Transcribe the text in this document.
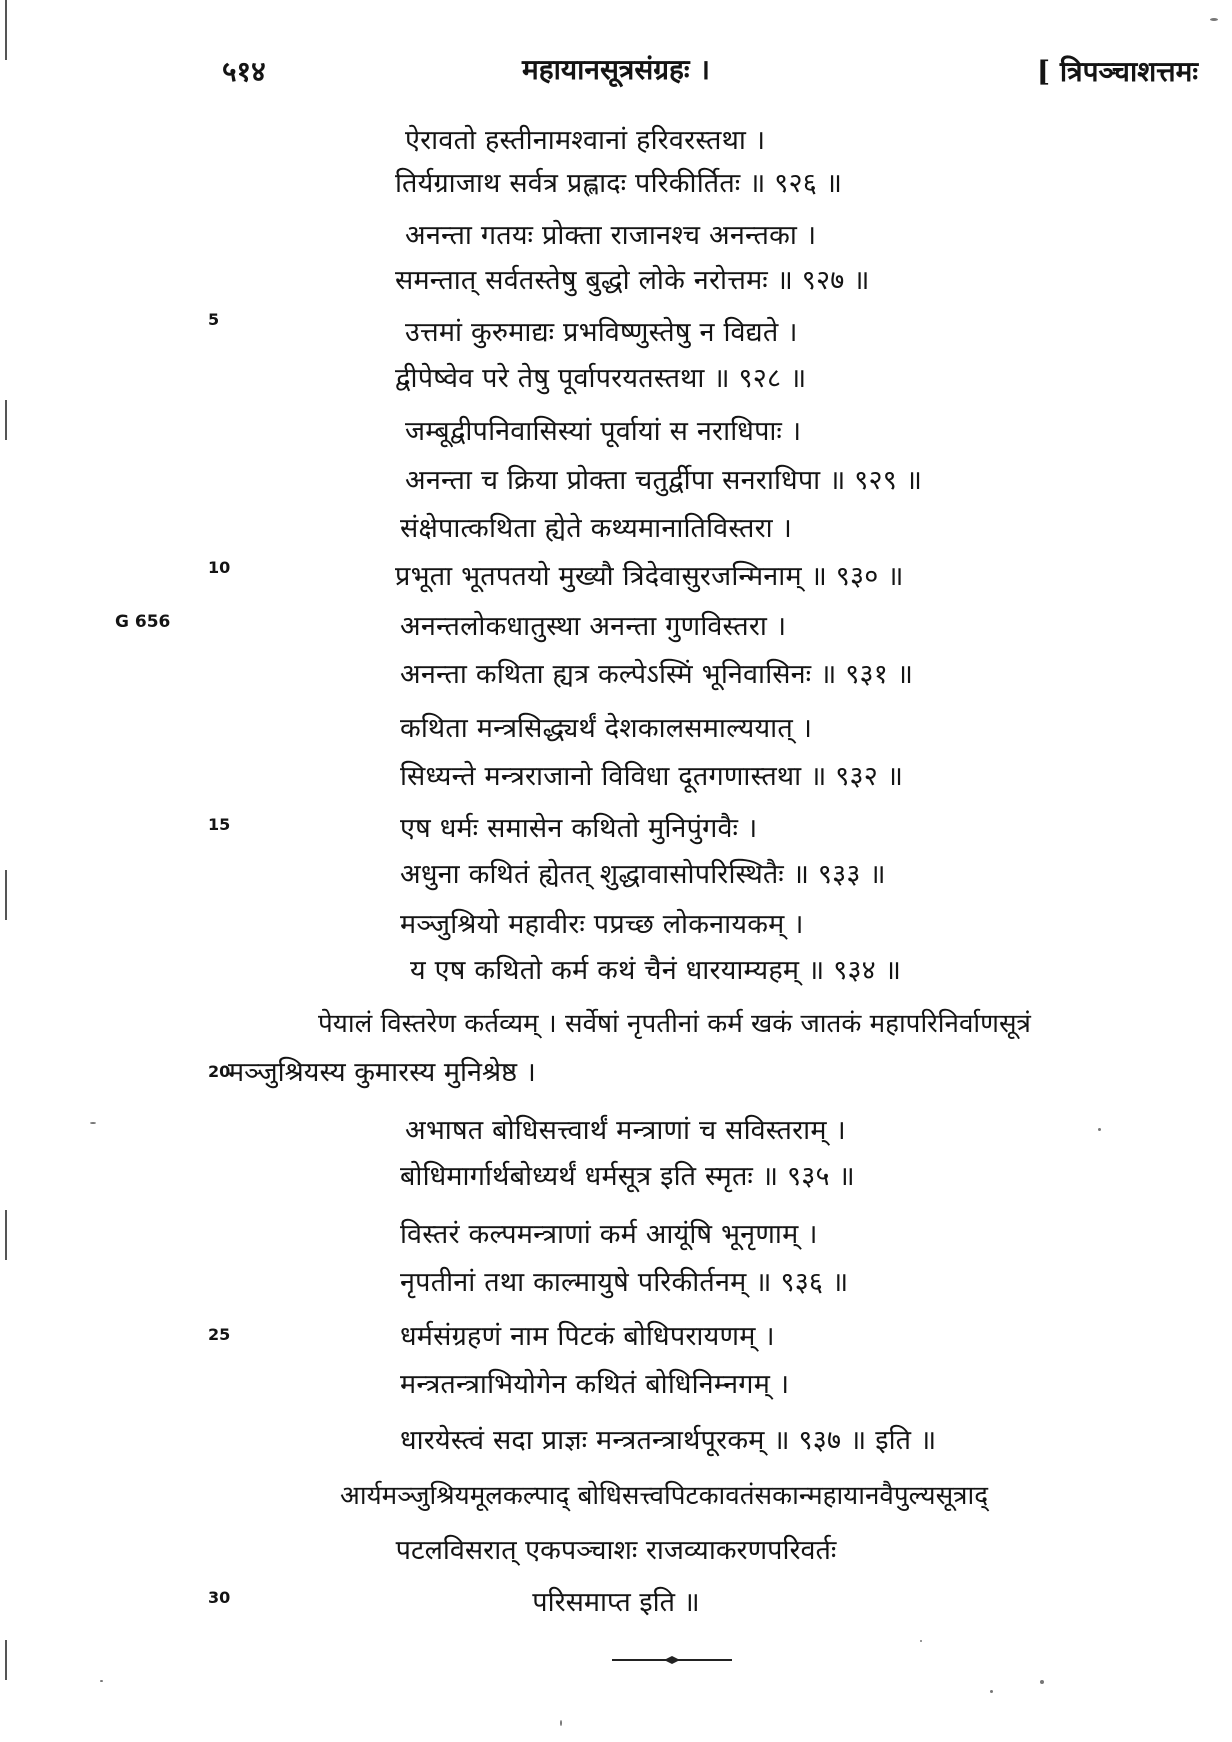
५१४	महायानसूत्रसंग्रहः ।	[ त्रिपञ्चाशत्तमः
5
10
G 656
15
25
30
ऐरावतो हस्तीनामश्वानां हरिवरस्तथा ।
तिर्यग्राजाथ सर्वत्र प्रह्लादः परिकीर्तितः ॥ ९२६ ॥
अनन्ता गतयः प्रोक्ता राजानश्च अनन्तका ।
समन्तात् सर्वतस्तेषु बुद्धो लोके नरोत्तमः ॥ ९२७ ॥
उत्तमां कुरुमाद्यः प्रभविष्णुस्तेषु न विद्यते ।
द्वीपेष्वेव परे तेषु पूर्वापरयतस्तथा ॥ ९२८ ॥
जम्बूद्वीपनिवासिस्यां पूर्वायां स नराधिपाः ।
अनन्ता च क्रिया प्रोक्ता चतुर्द्वीपा सनराधिपा ॥ ९२९ ॥
संक्षेपात्कथिता ह्येते कथ्यमानातिविस्तरा ।
प्रभूता भूतपतयो मुख्यौ त्रिदेवासुरजन्मिनाम् ॥ ९३० ॥
अनन्तलोकधातुस्था अनन्ता गुणविस्तरा ।
अनन्ता कथिता ह्यत्र कल्पेऽस्मिं भूनिवासिनः ॥ ९३१ ॥
कथिता मन्त्रसिद्ध्यर्थं देशकालसमाल्ययात् ।
सिध्यन्ते मन्त्रराजानो विविधा दूतगणास्तथा ॥ ९३२ ॥
एष धर्मः समासेन कथितो मुनिपुंगवैः ।
अधुना कथितं ह्येतत् शुद्धावासोपरिस्थितैः ॥ ९३३ ॥
मञ्जुश्रियो महावीरः पप्रच्छ लोकनायकम् ।
य एष कथितो कर्म कथं चैनं धारयाम्यहम् ॥ ९३४ ॥
पेयालं विस्तरेण कर्तव्यम् । सर्वेषां नृपतीनां कर्म खकं जातकं महापरिनिर्वाणसूत्रं
20
मञ्जुश्रियस्य कुमारस्य मुनिश्रेष्ठ ।
अभाषत बोधिसत्त्वार्थं मन्त्राणां च सविस्तराम् ।
बोधिमार्गार्थबोध्यर्थं धर्मसूत्र इति स्मृतः ॥ ९३५ ॥
विस्तरं कल्पमन्त्राणां कर्म आयूंषि भूनृणाम् ।
नृपतीनां तथा काल्मायुषे परिकीर्तनम् ॥ ९३६ ॥
धर्मसंग्रहणं नाम पिटकं बोधिपरायणम् ।
मन्त्रतन्त्राभियोगेन कथितं बोधिनिम्नगम् ।
धारयेस्त्वं सदा प्राज्ञः मन्त्रतन्त्रार्थपूरकम् ॥ ९३७ ॥ इति ॥
आर्यमञ्जुश्रियमूलकल्पाद् बोधिसत्त्वपिटकावतंसकान्महायानवैपुल्यसूत्राद्
पटलविसरात् एकपञ्चाशः राजव्याकरणपरिवर्तः
परिसमाप्त इति ॥
